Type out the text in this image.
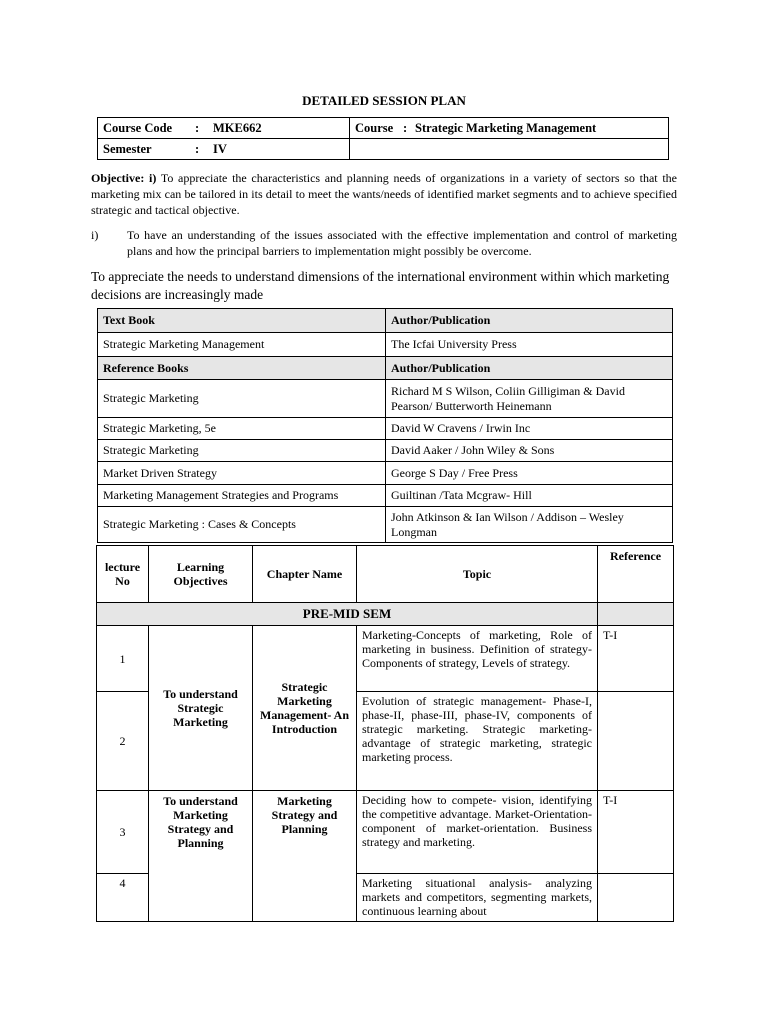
DETAILED SESSION PLAN
Course Code : MKE662	Course : Strategic Marketing Management
Semester : IV	
Objective: i) To appreciate the characteristics and planning needs of organizations in a variety of sectors so that the marketing mix can be tailored in its detail to meet the wants/needs of identified market segments and to achieve specified strategic and tactical objective.
i) To have an understanding of the issues associated with the effective implementation and control of marketing plans and how the principal barriers to implementation might possibly be overcome.
To appreciate the needs to understand dimensions of the international environment within which marketing decisions are increasingly made
Text Book	Author/Publication
Strategic Marketing Management	The Icfai University Press
Reference Books	Author/Publication
Strategic Marketing	Richard M S Wilson, Coliin Gilligiman & David Pearson/ Butterworth Heinemann
Strategic Marketing, 5e	David W Cravens / Irwin Inc
Strategic Marketing	David Aaker / John Wiley & Sons
Market Driven Strategy	George S Day / Free Press
Marketing Management Strategies and Programs	Guiltinan /Tata Mcgraw- Hill
Strategic Marketing : Cases & Concepts	John Atkinson & Ian Wilson / Addison – Wesley Longman
lecture No	Learning Objectives	Chapter Name	Topic	Reference
PRE-MID SEM				
1	To understand Strategic Marketing	Strategic Marketing Management- An Introduction	Marketing-Concepts of marketing, Role of marketing in business. Definition of strategy- Components of strategy, Levels of strategy.	T-I
2			Evolution of strategic management- Phase-I, phase-II, phase-III, phase-IV, components of strategic marketing. Strategic marketing- advantage of strategic marketing, strategic marketing process.	
3	To understand Marketing Strategy and Planning	Marketing Strategy and Planning	Deciding how to compete- vision, identifying the competitive advantage. Market-Orientation- component of market-orientation. Business strategy and marketing.	T-I
4			Marketing situational analysis- analyzing markets and competitors, segmenting markets, continuous learning about	
